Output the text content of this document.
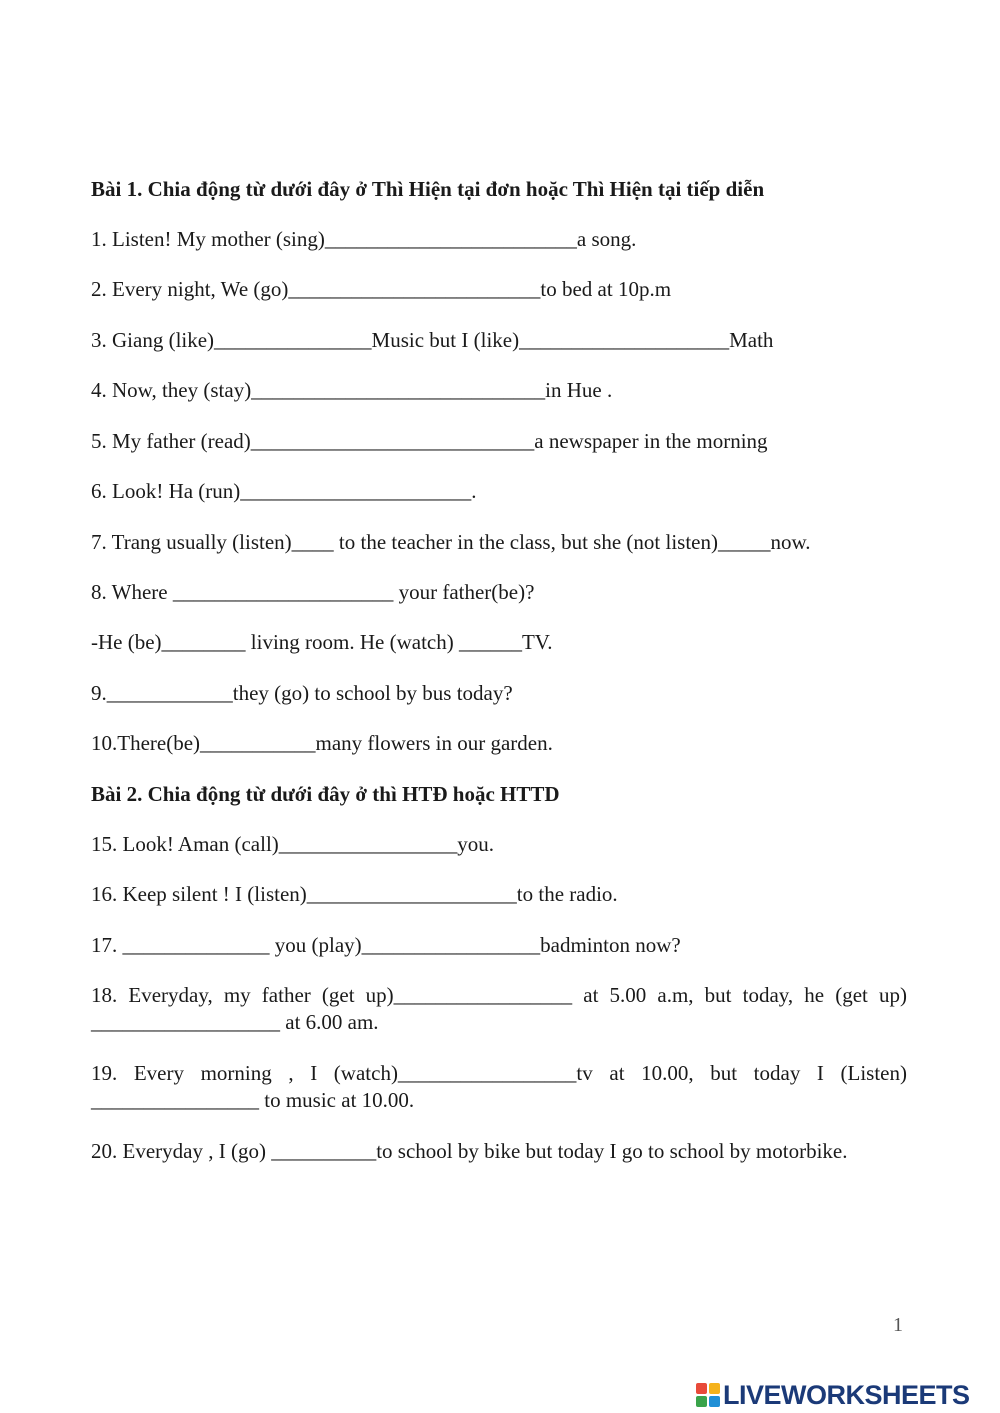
Bài 1. Chia động từ dưới đây ở Thì Hiện tại đơn hoặc Thì Hiện tại tiếp diễn

1. Listen! My mother (sing)________________________a song.

2. Every night, We (go)________________________to bed at 10p.m

3. Giang (like)_______________Music but I (like)____________________Math

4. Now, they (stay)____________________________in Hue .

5. My father (read)___________________________a newspaper in the morning

6. Look! Ha (run)______________________.

7. Trang usually (listen)____ to the teacher in the class, but she (not listen)_____now.

8. Where _____________________ your father(be)?

-He (be)________ living room. He (watch) ______TV.

9.____________they (go) to school by bus today?

10.There(be)___________many flowers in our garden.

Bài 2. Chia động từ dưới đây ở thì HTĐ hoặc HTTD

15. Look! Aman (call)_________________you.

16. Keep silent ! I (listen)____________________to the radio.

17. ______________ you (play)_________________badminton now?

18. Everyday, my father (get up)_________________ at 5.00 a.m, but today, he (get up) __________________ at 6.00 am.

19. Every morning , I (watch)_________________tv at 10.00, but today I (Listen) ________________ to music at 10.00.

20. Everyday , I (go) __________to school by bike but today I go to school by motorbike.

1
LIVEWORKSHEETS
